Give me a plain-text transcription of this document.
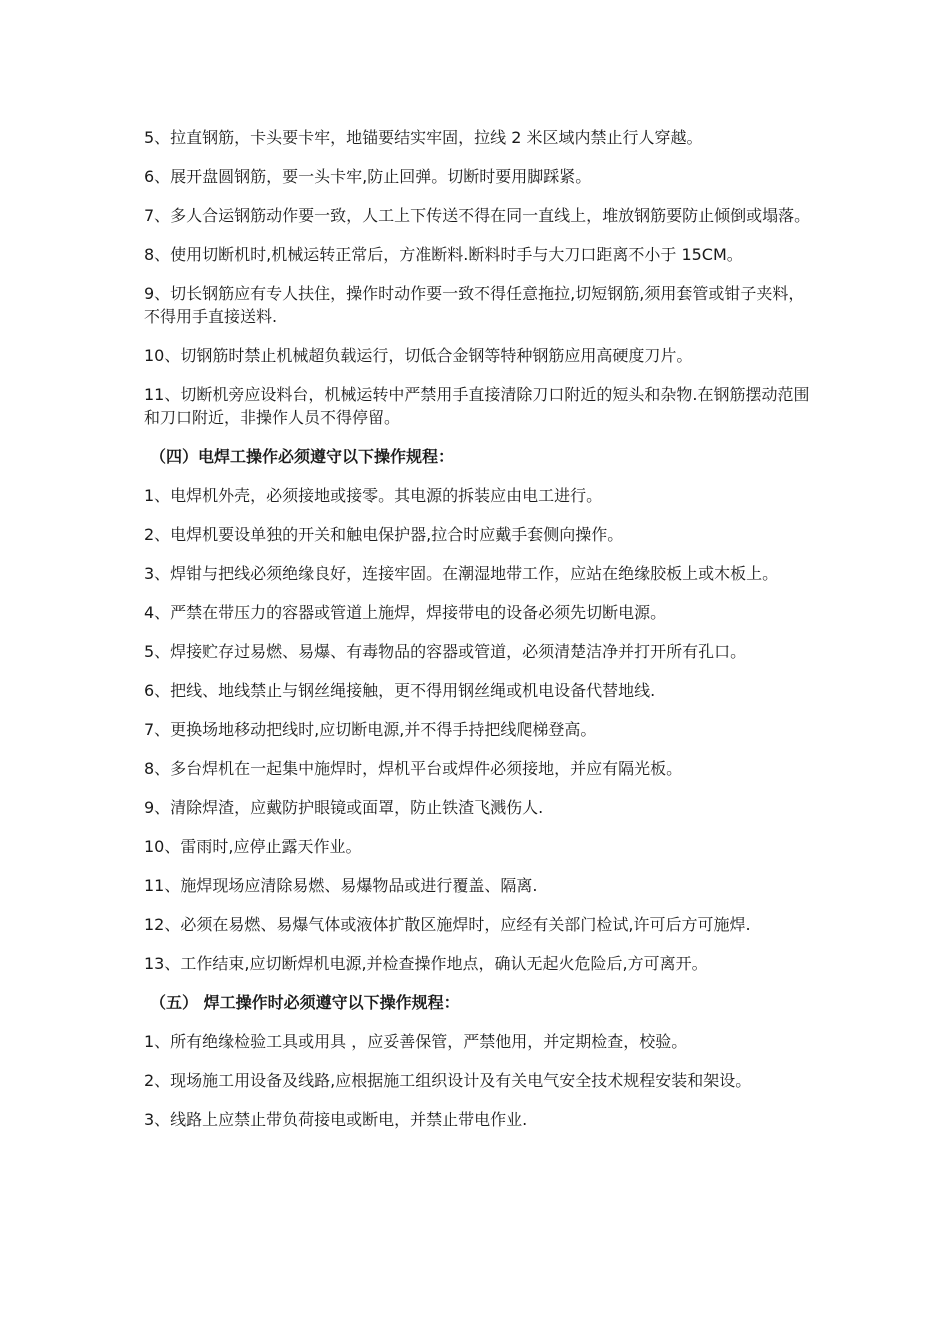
5、拉直钢筋，卡头要卡牢，地锚要结实牢固，拉线 2 米区域内禁止行人穿越。

6、展开盘圆钢筋，要一头卡牢,防止回弹。切断时要用脚踩紧。

7、多人合运钢筋动作要一致，人工上下传送不得在同一直线上，堆放钢筋要防止倾倒或塌落。

8、使用切断机时,机械运转正常后，方准断料.断料时手与大刀口距离不小于 15CM。

9、切长钢筋应有专人扶住，操作时动作要一致不得任意拖拉,切短钢筋,须用套管或钳子夹料，不得用手直接送料.

10、切钢筋时禁止机械超负载运行，切低合金钢等特种钢筋应用高硬度刀片。

11、切断机旁应设料台，机械运转中严禁用手直接清除刀口附近的短头和杂物.在钢筋摆动范围和刀口附近，非操作人员不得停留。

（四）电焊工操作必须遵守以下操作规程：

1、电焊机外壳，必须接地或接零。其电源的拆装应由电工进行。

2、电焊机要设单独的开关和触电保护器,拉合时应戴手套侧向操作。

3、焊钳与把线必须绝缘良好，连接牢固。在潮湿地带工作，应站在绝缘胶板上或木板上。

4、严禁在带压力的容器或管道上施焊，焊接带电的设备必须先切断电源。

5、焊接贮存过易燃、易爆、有毒物品的容器或管道，必须清楚洁净并打开所有孔口。

6、把线、地线禁止与钢丝绳接触，更不得用钢丝绳或机电设备代替地线.

7、更换场地移动把线时,应切断电源,并不得手持把线爬梯登高。

8、多台焊机在一起集中施焊时，焊机平台或焊件必须接地，并应有隔光板。

9、清除焊渣，应戴防护眼镜或面罩，防止铁渣飞溅伤人.

10、雷雨时,应停止露天作业。

11、施焊现场应清除易燃、易爆物品或进行覆盖、隔离.

12、必须在易燃、易爆气体或液体扩散区施焊时，应经有关部门检试,许可后方可施焊.

13、工作结束,应切断焊机电源,并检查操作地点，确认无起火危险后,方可离开。

（五） 焊工操作时必须遵守以下操作规程：

1、所有绝缘检验工具或用具 ，应妥善保管，严禁他用，并定期检查，校验。

2、现场施工用设备及线路,应根据施工组织设计及有关电气安全技术规程安装和架设。

3、线路上应禁止带负荷接电或断电，并禁止带电作业.
